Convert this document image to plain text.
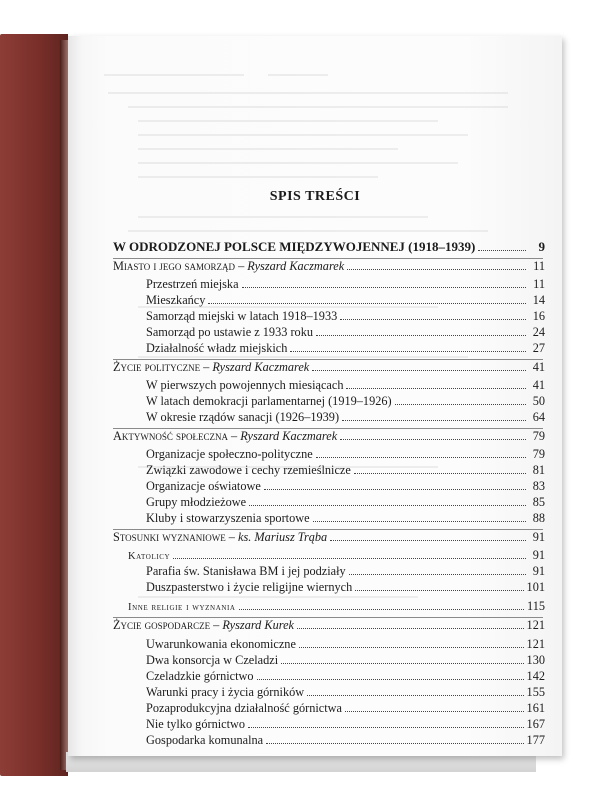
SPIS TREŚCI
W ODRODZONEJ POLSCE MIĘDZYWOJENNEJ (1918–1939)	9
Miasto i jego samorząd – Ryszard Kaczmarek	11
Przestrzeń miejska	11
Mieszkańcy	14
Samorząd miejski w latach 1918–1933	16
Samorząd po ustawie z 1933 roku	24
Działalność władz miejskich	27
Życie polityczne – Ryszard Kaczmarek	41
W pierwszych powojennych miesiącach	41
W latach demokracji parlamentarnej (1919–1926)	50
W okresie rządów sanacji (1926–1939)	64
Aktywność społeczna – Ryszard Kaczmarek	79
Organizacje społeczno-polityczne	79
Związki zawodowe i cechy rzemieślnicze	81
Organizacje oświatowe	83
Grupy młodzieżowe	85
Kluby i stowarzyszenia sportowe	88
Stosunki wyznaniowe – ks. Mariusz Trąba	91
Katolicy	91
Parafia św. Stanisława BM i jej podziały	91
Duszpasterstwo i życie religijne wiernych	101
Inne religie i wyznania	115
Życie gospodarcze – Ryszard Kurek	121
Uwarunkowania ekonomiczne	121
Dwa konsorcja w Czeladzi	130
Czeladzkie górnictwo	142
Warunki pracy i życia górników	155
Pozaprodukcyjna działalność górnictwa	161
Nie tylko górnictwo	167
Gospodarka komunalna	177
